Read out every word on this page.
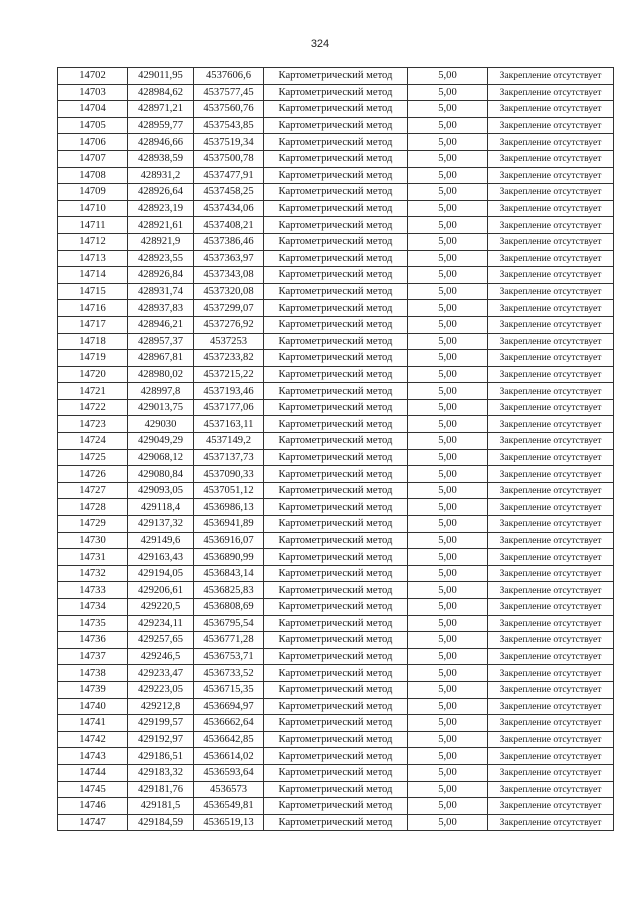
324
14702	429011,95	4537606,6	Картометрический метод	5,00	Закрепление отсутствует
14703	428984,62	4537577,45	Картометрический метод	5,00	Закрепление отсутствует
14704	428971,21	4537560,76	Картометрический метод	5,00	Закрепление отсутствует
14705	428959,77	4537543,85	Картометрический метод	5,00	Закрепление отсутствует
14706	428946,66	4537519,34	Картометрический метод	5,00	Закрепление отсутствует
14707	428938,59	4537500,78	Картометрический метод	5,00	Закрепление отсутствует
14708	428931,2	4537477,91	Картометрический метод	5,00	Закрепление отсутствует
14709	428926,64	4537458,25	Картометрический метод	5,00	Закрепление отсутствует
14710	428923,19	4537434,06	Картометрический метод	5,00	Закрепление отсутствует
14711	428921,61	4537408,21	Картометрический метод	5,00	Закрепление отсутствует
14712	428921,9	4537386,46	Картометрический метод	5,00	Закрепление отсутствует
14713	428923,55	4537363,97	Картометрический метод	5,00	Закрепление отсутствует
14714	428926,84	4537343,08	Картометрический метод	5,00	Закрепление отсутствует
14715	428931,74	4537320,08	Картометрический метод	5,00	Закрепление отсутствует
14716	428937,83	4537299,07	Картометрический метод	5,00	Закрепление отсутствует
14717	428946,21	4537276,92	Картометрический метод	5,00	Закрепление отсутствует
14718	428957,37	4537253	Картометрический метод	5,00	Закрепление отсутствует
14719	428967,81	4537233,82	Картометрический метод	5,00	Закрепление отсутствует
14720	428980,02	4537215,22	Картометрический метод	5,00	Закрепление отсутствует
14721	428997,8	4537193,46	Картометрический метод	5,00	Закрепление отсутствует
14722	429013,75	4537177,06	Картометрический метод	5,00	Закрепление отсутствует
14723	429030	4537163,11	Картометрический метод	5,00	Закрепление отсутствует
14724	429049,29	4537149,2	Картометрический метод	5,00	Закрепление отсутствует
14725	429068,12	4537137,73	Картометрический метод	5,00	Закрепление отсутствует
14726	429080,84	4537090,33	Картометрический метод	5,00	Закрепление отсутствует
14727	429093,05	4537051,12	Картометрический метод	5,00	Закрепление отсутствует
14728	429118,4	4536986,13	Картометрический метод	5,00	Закрепление отсутствует
14729	429137,32	4536941,89	Картометрический метод	5,00	Закрепление отсутствует
14730	429149,6	4536916,07	Картометрический метод	5,00	Закрепление отсутствует
14731	429163,43	4536890,99	Картометрический метод	5,00	Закрепление отсутствует
14732	429194,05	4536843,14	Картометрический метод	5,00	Закрепление отсутствует
14733	429206,61	4536825,83	Картометрический метод	5,00	Закрепление отсутствует
14734	429220,5	4536808,69	Картометрический метод	5,00	Закрепление отсутствует
14735	429234,11	4536795,54	Картометрический метод	5,00	Закрепление отсутствует
14736	429257,65	4536771,28	Картометрический метод	5,00	Закрепление отсутствует
14737	429246,5	4536753,71	Картометрический метод	5,00	Закрепление отсутствует
14738	429233,47	4536733,52	Картометрический метод	5,00	Закрепление отсутствует
14739	429223,05	4536715,35	Картометрический метод	5,00	Закрепление отсутствует
14740	429212,8	4536694,97	Картометрический метод	5,00	Закрепление отсутствует
14741	429199,57	4536662,64	Картометрический метод	5,00	Закрепление отсутствует
14742	429192,97	4536642,85	Картометрический метод	5,00	Закрепление отсутствует
14743	429186,51	4536614,02	Картометрический метод	5,00	Закрепление отсутствует
14744	429183,32	4536593,64	Картометрический метод	5,00	Закрепление отсутствует
14745	429181,76	4536573	Картометрический метод	5,00	Закрепление отсутствует
14746	429181,5	4536549,81	Картометрический метод	5,00	Закрепление отсутствует
14747	429184,59	4536519,13	Картометрический метод	5,00	Закрепление отсутствует
